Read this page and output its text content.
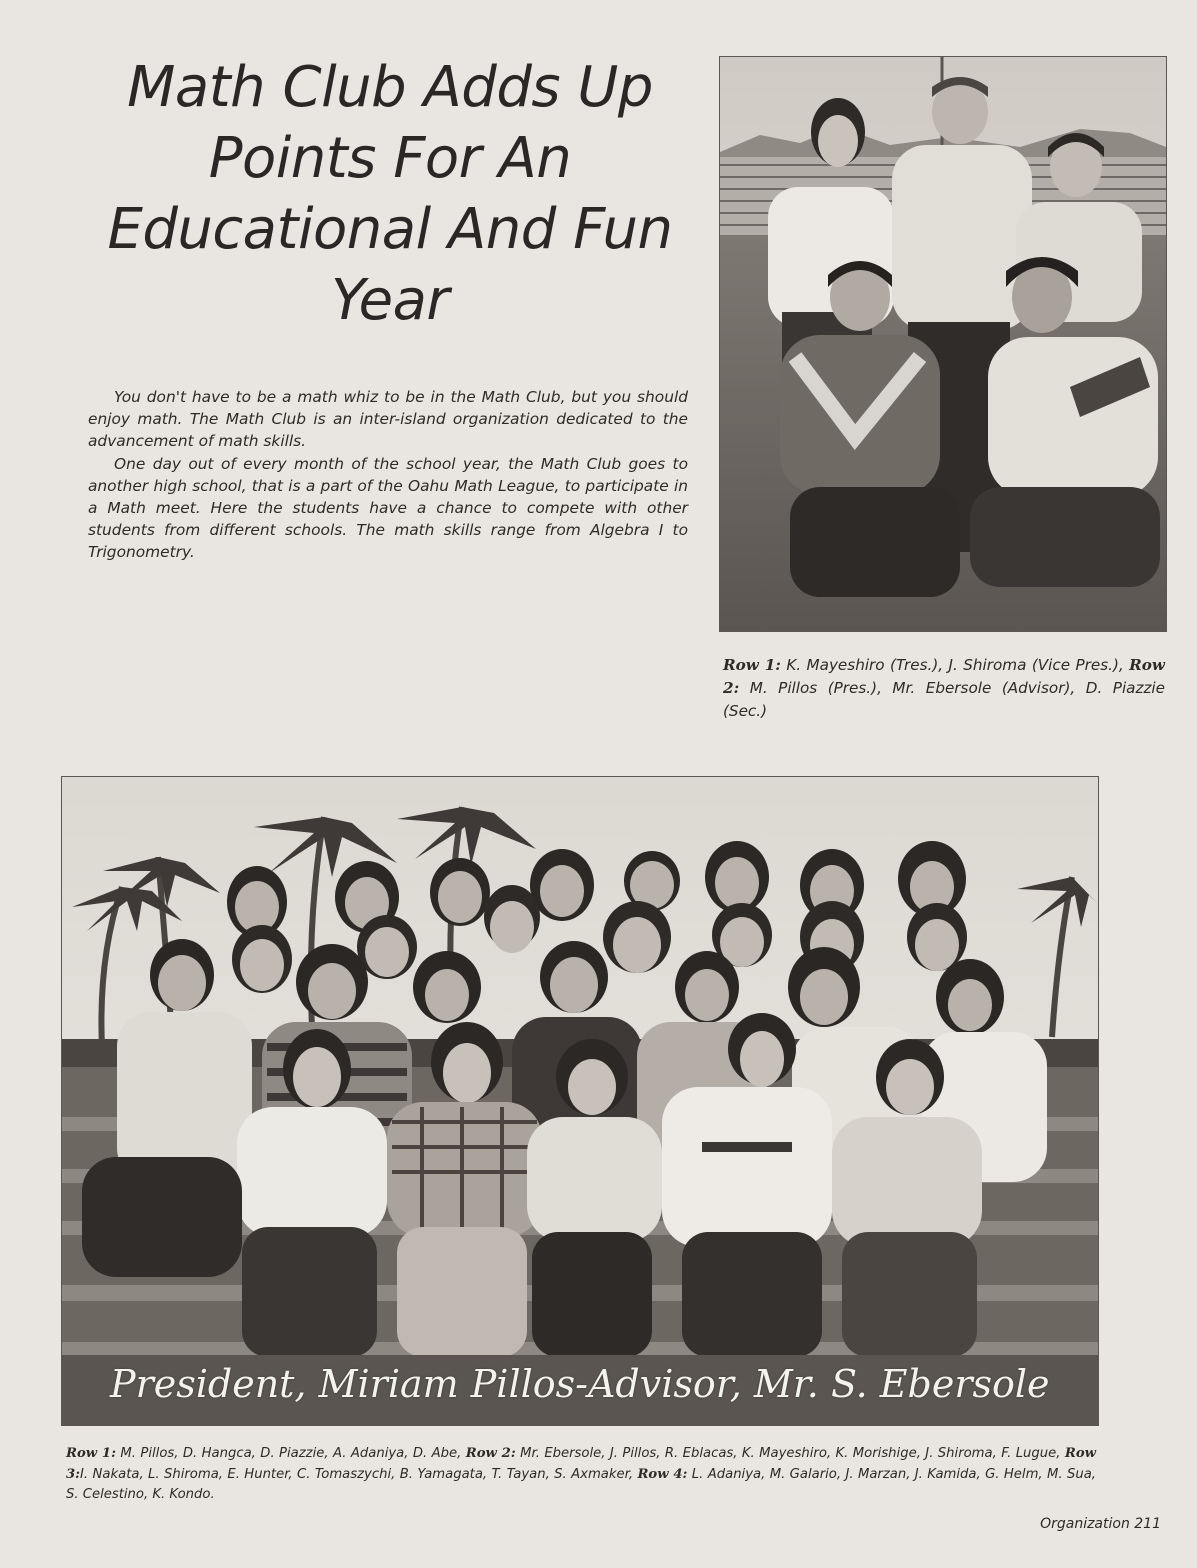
Math Club Adds Up
Points For An
Educational And Fun
Year

You don't have to be a math whiz to be in the Math Club, but you should enjoy math. The Math Club is an inter-island organization dedicated to the advancement of math skills.

One day out of every month of the school year, the Math Club goes to another high school, that is a part of the Oahu Math League, to participate in a Math meet. Here the students have a chance to compete with other students from different schools. The math skills range from Algebra I to Trigonometry.

Row 1: K. Mayeshiro (Tres.), J. Shiroma (Vice Pres.), Row 2: M. Pillos (Pres.), Mr. Ebersole (Advisor), D. Piazzie (Sec.)
President, Miriam Pillos-Advisor, Mr. S. Ebersole
Row 1: M. Pillos, D. Hangca, D. Piazzie, A. Adaniya, D. Abe, Row 2: Mr. Ebersole, J. Pillos, R. Eblacas, K. Mayeshiro, K. Morishige, J. Shiroma, F. Lugue, Row 3:I. Nakata, L. Shiroma, E. Hunter, C. Tomaszychi, B. Yamagata, T. Tayan, S. Axmaker, Row 4: L. Adaniya, M. Galario, J. Marzan, J. Kamida, G. Helm, M. Sua, S. Celestino, K. Kondo.
Organization 211
